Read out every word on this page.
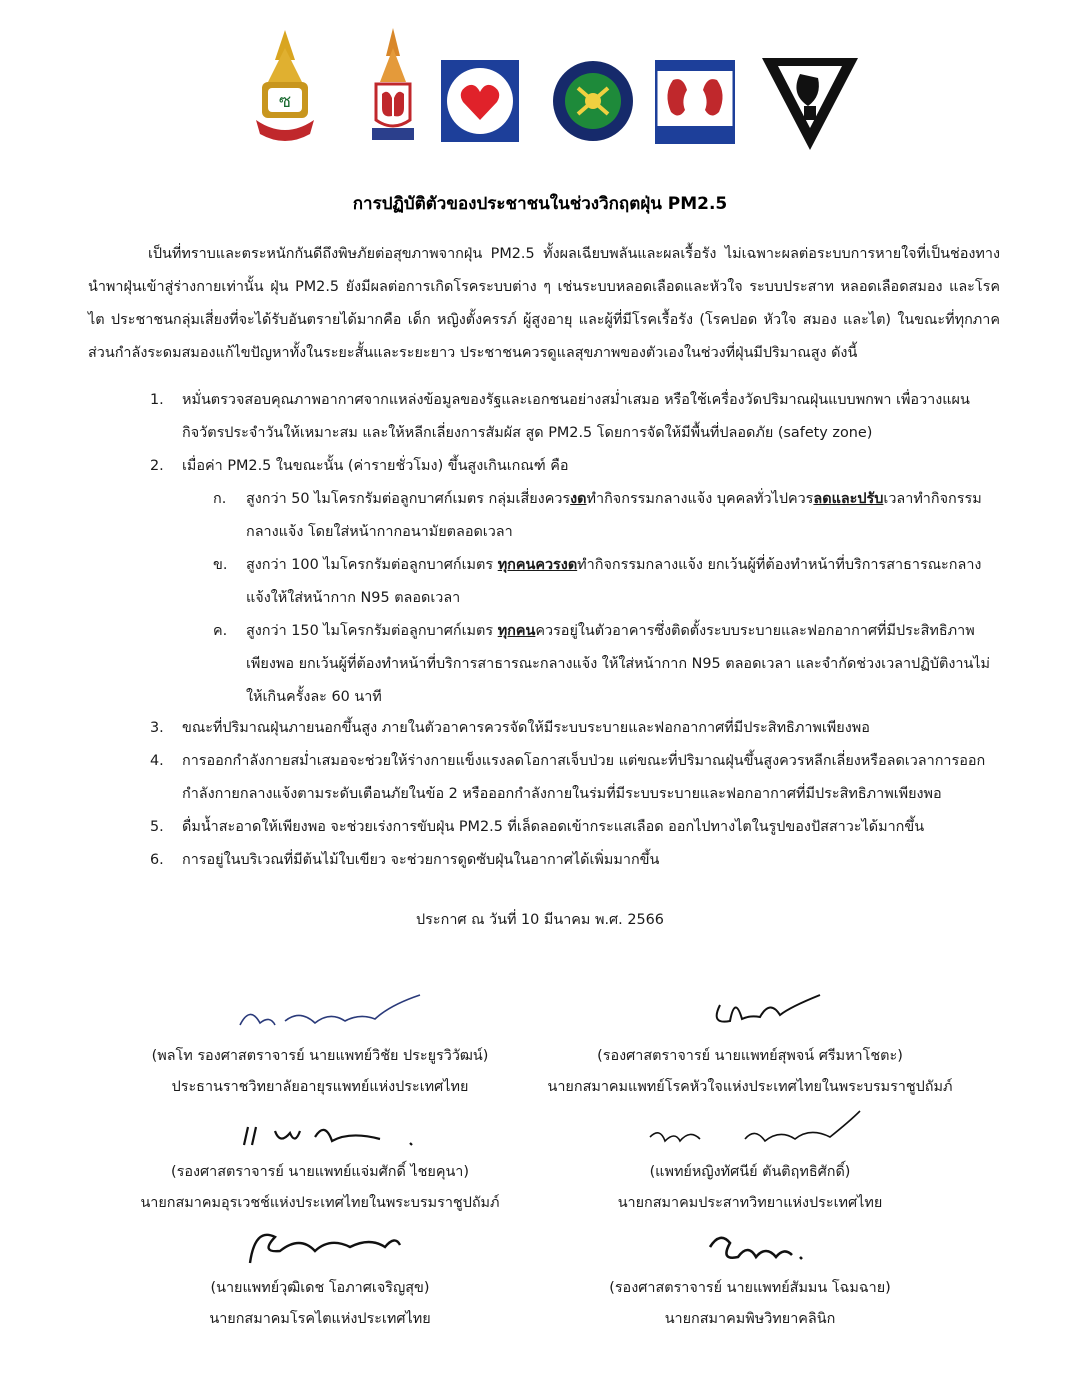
ซ
การปฏิบัติตัวของประชาชนในช่วงวิกฤตฝุ่น PM2.5
เป็นที่ทราบและตระหนักกันดีถึงพิษภัยต่อสุขภาพจากฝุ่น PM2.5 ทั้งผลเฉียบพลันและผลเรื้อรัง ไม่เฉพาะผลต่อระบบการหายใจที่เป็นช่องทางนำพาฝุ่นเข้าสู่ร่างกายเท่านั้น ฝุ่น PM2.5 ยังมีผลต่อการเกิดโรคระบบต่าง ๆ เช่นระบบหลอดเลือดและหัวใจ ระบบประสาท หลอดเลือดสมอง และโรคไต ประชาชนกลุ่มเสี่ยงที่จะได้รับอันตรายได้มากคือ เด็ก หญิงตั้งครรภ์ ผู้สูงอายุ และผู้ที่มีโรคเรื้อรัง (โรคปอด หัวใจ สมอง และไต) ในขณะที่ทุกภาคส่วนกำลังระดมสมองแก้ไขปัญหาทั้งในระยะสั้นและระยะยาว ประชาชนควรดูแลสุขภาพของตัวเองในช่วงที่ฝุ่นมีปริมาณสูง ดังนี้
1.	หมั่นตรวจสอบคุณภาพอากาศจากแหล่งข้อมูลของรัฐและเอกชนอย่างสม่ำเสมอ หรือใช้เครื่องวัดปริมาณฝุ่นแบบพกพา เพื่อวางแผนกิจวัตรประจำวันให้เหมาะสม และให้หลีกเลี่ยงการสัมผัส สูด PM2.5 โดยการจัดให้มีพื้นที่ปลอดภัย (safety zone)
2.	เมื่อค่า PM2.5 ในขณะนั้น (ค่ารายชั่วโมง) ขึ้นสูงเกินเกณฑ์ คือ
ก.	สูงกว่า 50 ไมโครกรัมต่อลูกบาศก์เมตร กลุ่มเสี่ยงควรงดทำกิจกรรมกลางแจ้ง บุคคลทั่วไปควรลดและปรับเวลาทำกิจกรรมกลางแจ้ง โดยใส่หน้ากากอนามัยตลอดเวลา
ข.	สูงกว่า 100 ไมโครกรัมต่อลูกบาศก์เมตร ทุกคนควรงดทำกิจกรรมกลางแจ้ง ยกเว้นผู้ที่ต้องทำหน้าที่บริการสาธารณะกลางแจ้งให้ใส่หน้ากาก N95 ตลอดเวลา
ค.	สูงกว่า 150 ไมโครกรัมต่อลูกบาศก์เมตร ทุกคนควรอยู่ในตัวอาคารซึ่งติดตั้งระบบระบายและฟอกอากาศที่มีประสิทธิภาพเพียงพอ ยกเว้นผู้ที่ต้องทำหน้าที่บริการสาธารณะกลางแจ้ง ให้ใส่หน้ากาก N95 ตลอดเวลา และจำกัดช่วงเวลาปฏิบัติงานไม่ให้เกินครั้งละ 60 นาที
3.	ขณะที่ปริมาณฝุ่นภายนอกขึ้นสูง ภายในตัวอาคารควรจัดให้มีระบบระบายและฟอกอากาศที่มีประสิทธิภาพเพียงพอ
4.	การออกกำลังกายสม่ำเสมอจะช่วยให้ร่างกายแข็งแรงลดโอกาสเจ็บป่วย แต่ขณะที่ปริมาณฝุ่นขึ้นสูงควรหลีกเลี่ยงหรือลดเวลาการออกกำลังกายกลางแจ้งตามระดับเตือนภัยในข้อ 2 หรือออกกำลังกายในร่มที่มีระบบระบายและฟอกอากาศที่มีประสิทธิภาพเพียงพอ
5.	ดื่มน้ำสะอาดให้เพียงพอ จะช่วยเร่งการขับฝุ่น PM2.5 ที่เล็ดลอดเข้ากระแสเลือด ออกไปทางไตในรูปของปัสสาวะได้มากขึ้น
6.	การอยู่ในบริเวณที่มีต้นไม้ใบเขียว จะช่วยการดูดซับฝุ่นในอากาศได้เพิ่มมากขึ้น
ประกาศ ณ วันที่ 10 มีนาคม พ.ศ. 2566
(พลโท รองศาสตราจารย์ นายแพทย์วิชัย ประยูรวิวัฒน์)
ประธานราชวิทยาลัยอายุรแพทย์แห่งประเทศไทย
(รองศาสตราจารย์ นายแพทย์สุพจน์ ศรีมหาโชตะ)
นายกสมาคมแพทย์โรคหัวใจแห่งประเทศไทยในพระบรมราชูปถัมภ์
(รองศาสตราจารย์ นายแพทย์แจ่มศักดิ์ ไชยคุนา)
นายกสมาคมอุรเวชช์แห่งประเทศไทยในพระบรมราชูปถัมภ์
(แพทย์หญิงทัศนีย์ ตันติฤทธิศักดิ์)
นายกสมาคมประสาทวิทยาแห่งประเทศไทย
(นายแพทย์วุฒิเดช โอภาศเจริญสุข)
นายกสมาคมโรคไตแห่งประเทศไทย
(รองศาสตราจารย์ นายแพทย์สัมมน โฉมฉาย)
นายกสมาคมพิษวิทยาคลินิก
